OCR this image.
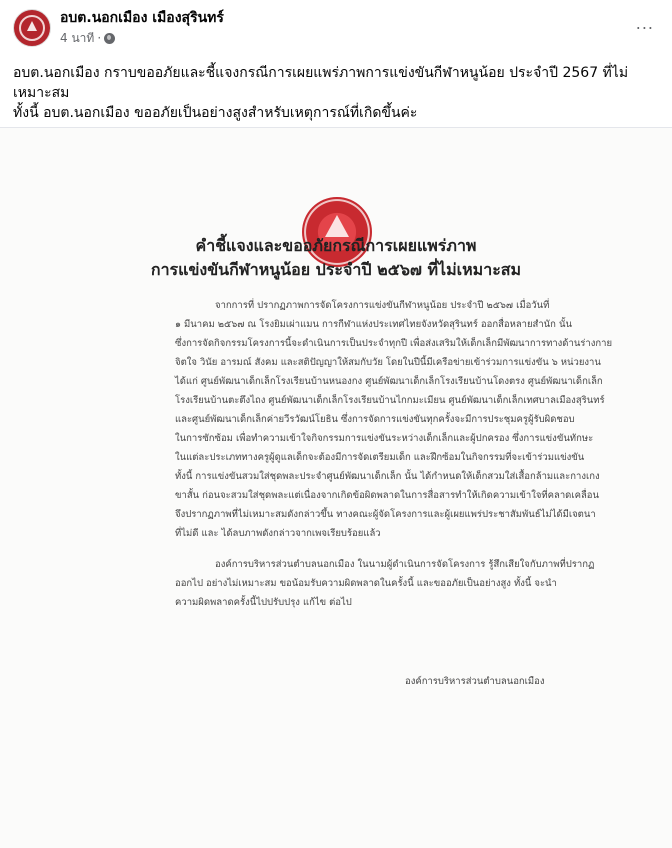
อบต.นอกเมือง เมืองสุรินทร์
4 นาที ·
...
อบต.นอกเมือง กราบขออภัยและชี้แจงกรณีการเผยแพร่ภาพการแข่งขันกีฬาหนูน้อย ประจำปี 2567 ที่ไม่เหมาะสม
ทั้งนี้ อบต.นอกเมือง ขออภัยเป็นอย่างสูงสำหรับเหตุการณ์ที่เกิดขึ้นค่ะ
คำชี้แจงและขออภัยกรณีการเผยแพร่ภาพ
การแข่งขันกีฬาหนูน้อย ประจำปี ๒๕๖๗ ที่ไม่เหมาะสม
จากการที่ ปรากฏภาพการจัดโครงการแข่งขันกีฬาหนูน้อย ประจำปี ๒๕๖๗ เมื่อวันที่
๑ มีนาคม ๒๕๖๗ ณ โรงยิมเผ่าแมน การกีฬาแห่งประเทศไทยจังหวัดสุรินทร์ ออกสื่อหลายสำนัก นั้น
ซึ่งการจัดกิจกรรมโครงการนี้จะดำเนินการเป็นประจำทุกปี เพื่อส่งเสริมให้เด็กเล็กมีพัฒนาการทางด้านร่างกาย
จิตใจ วินัย อารมณ์ สังคม และสติปัญญาให้สมกับวัย โดยในปีนี้มีเครือข่ายเข้าร่วมการแข่งขัน ๖ หน่วยงาน
ได้แก่ ศูนย์พัฒนาเด็กเล็กโรงเรียนบ้านหนองกง ศูนย์พัฒนาเด็กเล็กโรงเรียนบ้านโดงตรง ศูนย์พัฒนาเด็กเล็ก
โรงเรียนบ้านตะตึงไถง ศูนย์พัฒนาเด็กเล็กโรงเรียนบ้านไกกมะเมียน ศูนย์พัฒนาเด็กเล็กเทศบาลเมืองสุรินทร์
และศูนย์พัฒนาเด็กเล็กค่ายวีรวัฒน์โยธิน ซึ่งการจัดการแข่งขันทุกครั้งจะมีการประชุมครูผู้รับผิดชอบ
ในการซักซ้อม เพื่อทำความเข้าใจกิจกรรมการแข่งขันระหว่างเด็กเล็กและผู้ปกครอง ซึ่งการแข่งขันทักษะ
ในแต่ละประเภททางครูผู้ดูแลเด็กจะต้องมีการจัดเตรียมเด็ก และฝึกซ้อมในกิจกรรมที่จะเข้าร่วมแข่งขัน
ทั้งนี้ การแข่งขันสวมใส่ชุดพละประจำศูนย์พัฒนาเด็กเล็ก นั้น ได้กำหนดให้เด็กสวมใส่เสื้อกล้ามและกางเกง
ขาสั้น ก่อนจะสวมใส่ชุดพละแต่เนื่องจากเกิดข้อผิดพลาดในการสื่อสารทำให้เกิดความเข้าใจที่คลาดเคลื่อน
จึงปรากฏภาพที่ไม่เหมาะสมดังกล่าวขึ้น ทางคณะผู้จัดโครงการและผู้เผยแพร่ประชาสัมพันธ์ไม่ได้มีเจตนา
ที่ไม่ดี และ ได้ลบภาพดังกล่าวจากเพจเรียบร้อยแล้ว
องค์การบริหารส่วนตำบลนอกเมือง ในนามผู้ดำเนินการจัดโครงการ รู้สึกเสียใจกับภาพที่ปรากฏ
ออกไป อย่างไม่เหมาะสม ขอน้อมรับความผิดพลาดในครั้งนี้ และขออภัยเป็นอย่างสูง ทั้งนี้ จะนำ
ความผิดพลาดครั้งนี้ไปปรับปรุง แก้ไข ต่อไป
องค์การบริหารส่วนตำบลนอกเมือง
